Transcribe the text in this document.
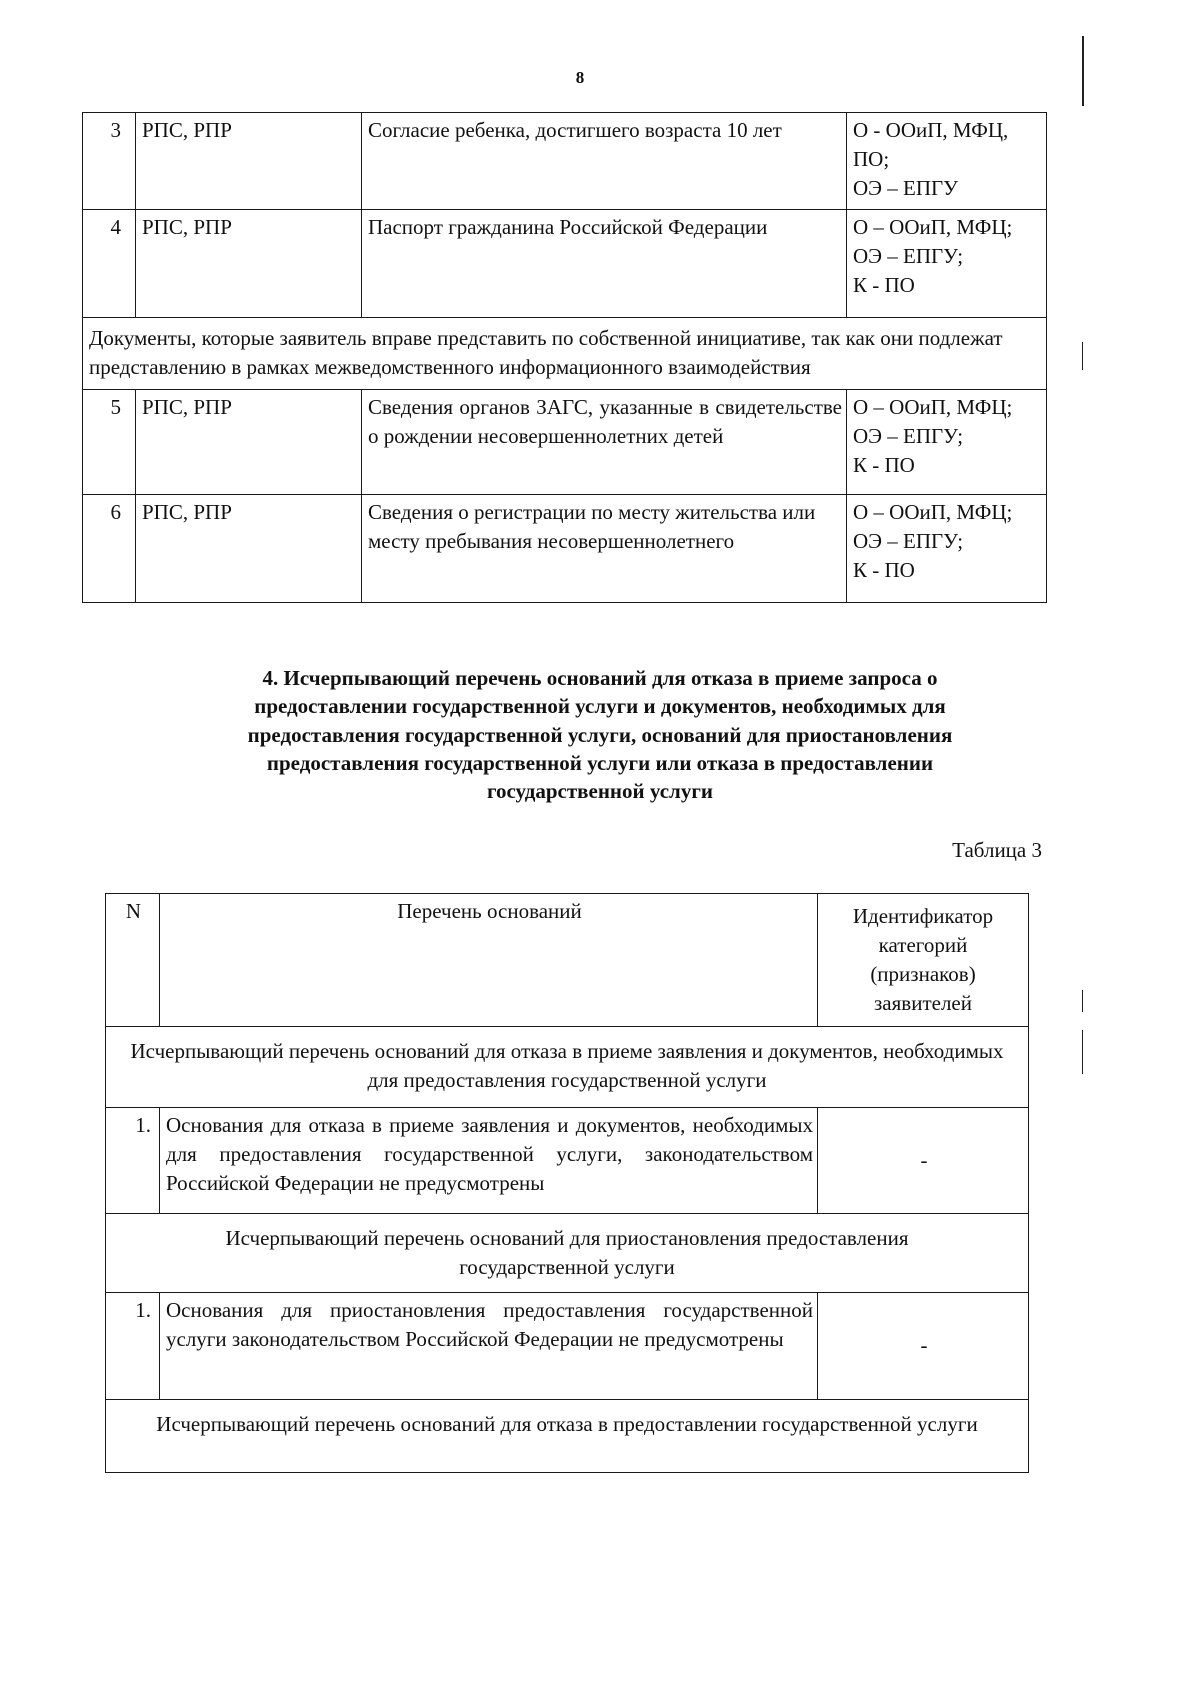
8
3	РПС, РПР	Согласие ребенка, достигшего возраста 10 лет	О - ООиП, МФЦ, ПО;
ОЭ – ЕПГУ

4	РПС, РПР	Паспорт гражданина Российской Федерации	О – ООиП, МФЦ;
ОЭ – ЕПГУ;
К - ПО

Документы, которые заявитель вправе представить по собственной инициативе, так как они подлежат представлению в рамках межведомственного информационного взаимодействия			
5	РПС, РПР	Сведения органов ЗАГС, указанные в свидетельстве о рождении несовершеннолетних детей	О – ООиП, МФЦ;
ОЭ – ЕПГУ;
К - ПО

6	РПС, РПР	Сведения о регистрации по месту жительства или месту пребывания несовершеннолетнего	О – ООиП, МФЦ;
ОЭ – ЕПГУ;
К - ПО
4. Исчерпывающий перечень оснований для отказа в приеме запроса о предоставлении государственной услуги и документов, необходимых для предоставления государственной услуги, оснований для приостановления предоставления государственной услуги или отказа в предоставлении государственной услуги
Таблица 3
N	Перечень оснований	Идентификатор категорий (признаков) заявителей

Исчерпывающий перечень оснований для отказа в приеме заявления и документов, необходимых для предоставления государственной услуги		

1.	Основания для отказа в приеме заявления и документов, необходимых для предоставления государственной услуги, законодательством Российской Федерации не предусмотрены	-

Исчерпывающий перечень оснований для приостановления предоставления государственной услуги		

1.	Основания для приостановления предоставления государственной услуги законодательством Российской Федерации не предусмотрены	-

Исчерпывающий перечень оснований для отказа в предоставлении государственной услуги		
